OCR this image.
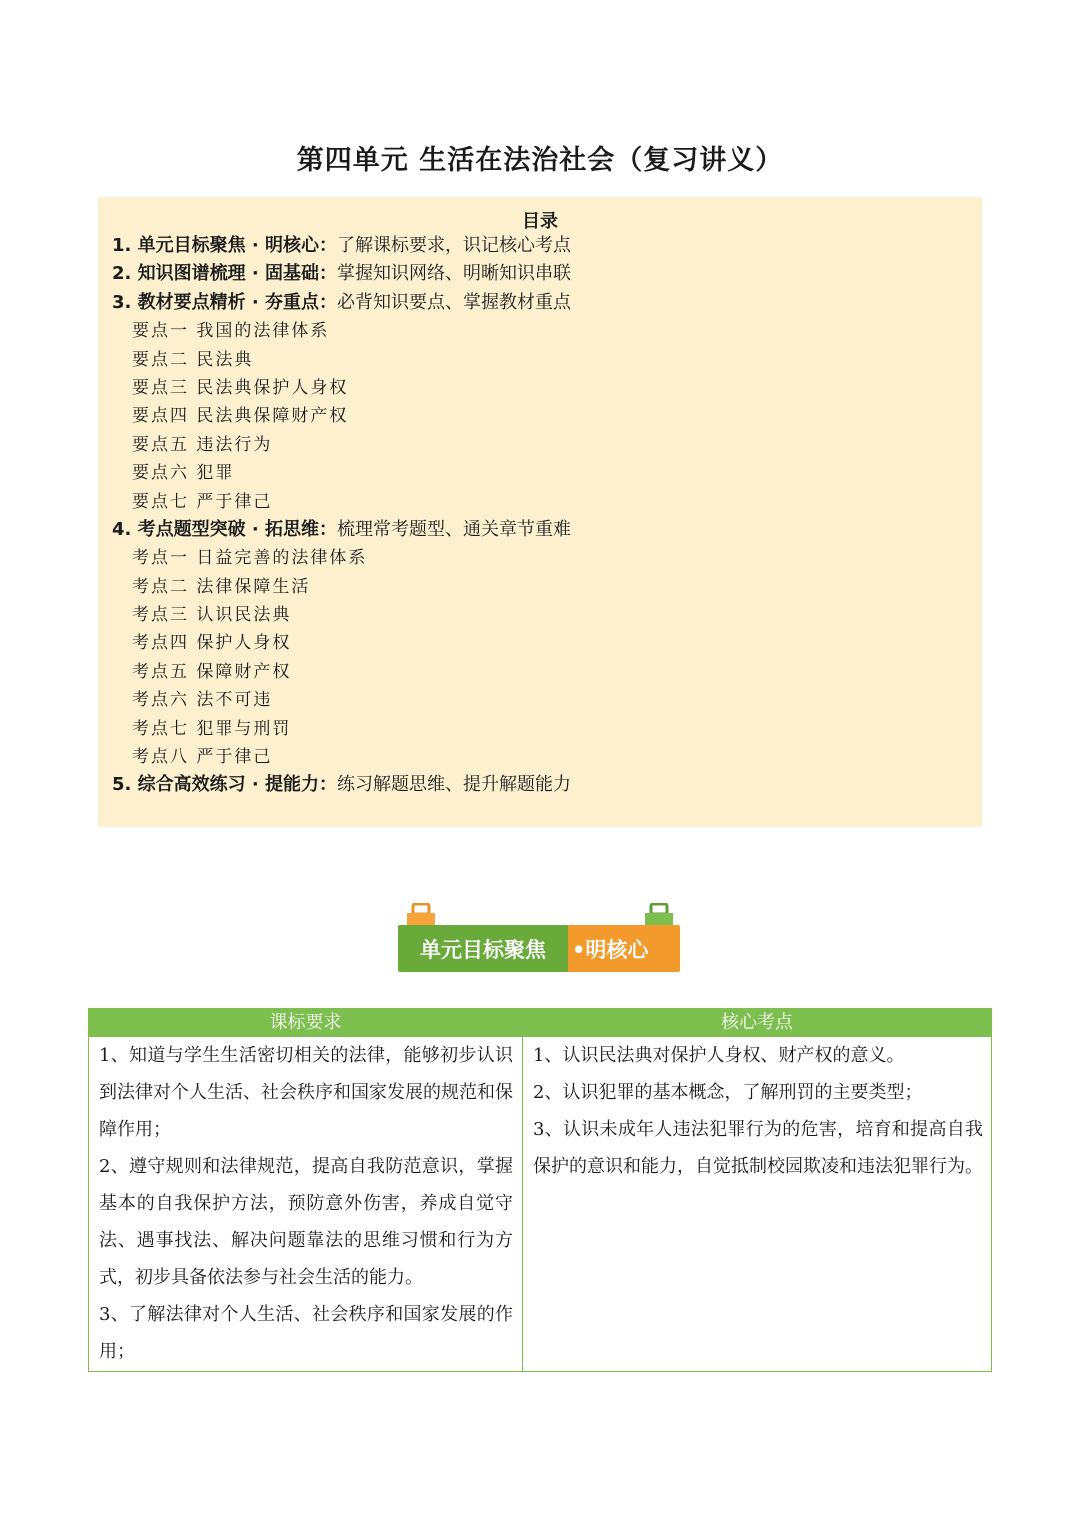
第四单元 生活在法治社会（复习讲义）
目录
1. 单元目标聚焦 · 明核心：了解课标要求，识记核心考点
2. 知识图谱梳理 · 固基础：掌握知识网络、明晰知识串联
3. 教材要点精析 · 夯重点：必背知识要点、掌握教材重点
要点一 我国的法律体系
要点二 民法典
要点三 民法典保护人身权
要点四 民法典保障财产权
要点五 违法行为
要点六 犯罪
要点七 严于律己
4. 考点题型突破 · 拓思维：梳理常考题型、通关章节重难
考点一 日益完善的法律体系
考点二 法律保障生活
考点三 认识民法典
考点四 保护人身权
考点五 保障财产权
考点六 法不可违
考点七 犯罪与刑罚
考点八 严于律己
5. 综合高效练习 · 提能力：练习解题思维、提升解题能力
单元目标聚焦	•明核心
课标要求	核心考点
1、知道与学生生活密切相关的法律，能够初步认识到法律对个人生活、社会秩序和国家发展的规范和保障作用；
2、遵守规则和法律规范，提高自我防范意识，掌握基本的自我保护方法，预防意外伤害，养成自觉守法、遇事找法、解决问题靠法的思维习惯和行为方式，初步具备依法参与社会生活的能力。
3、了解法律对个人生活、社会秩序和国家发展的作用；
1、认识民法典对保护人身权、财产权的意义。
2、认识犯罪的基本概念，了解刑罚的主要类型；
3、认识未成年人违法犯罪行为的危害，培育和提高自我保护的意识和能力，自觉抵制校园欺凌和违法犯罪行为。
